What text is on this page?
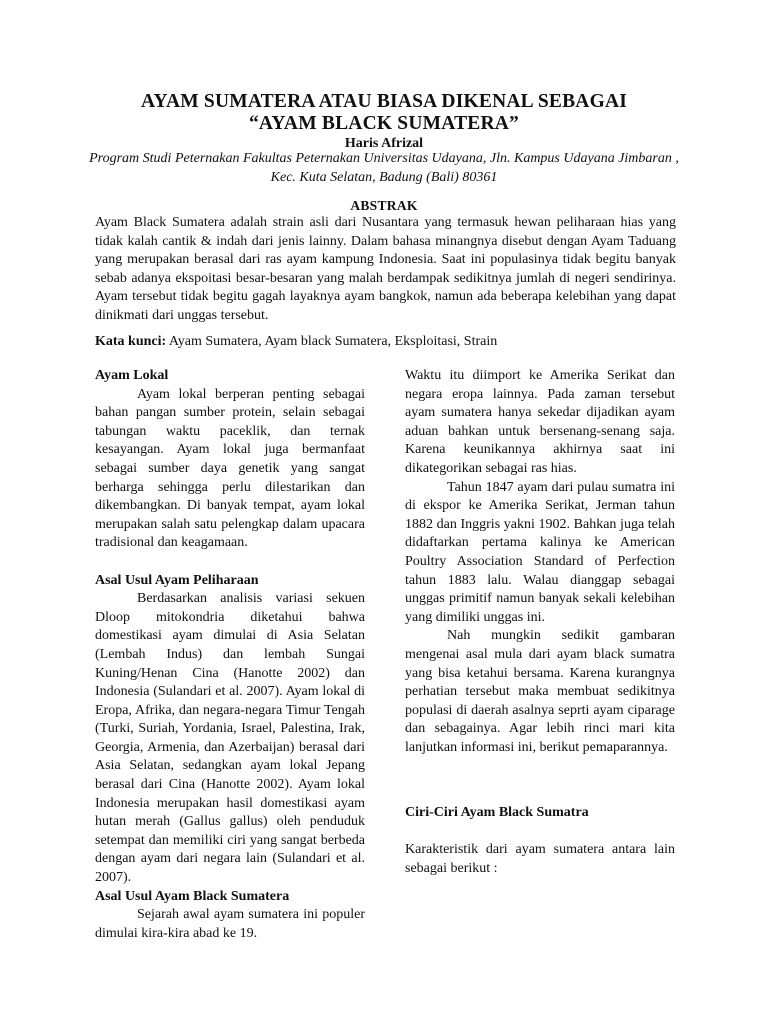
AYAM SUMATERA ATAU BIASA DIKENAL SEBAGAI
“AYAM BLACK SUMATERA”
Haris Afrizal
Program Studi Peternakan Fakultas Peternakan Universitas Udayana, Jln. Kampus Udayana Jimbaran , Kec. Kuta Selatan, Badung (Bali) 80361
ABSTRAK
Ayam Black Sumatera adalah strain asli dari Nusantara yang termasuk hewan peliharaan hias yang tidak kalah cantik & indah dari jenis lainny. Dalam bahasa minangnya disebut dengan Ayam Taduang yang merupakan berasal dari ras ayam kampung Indonesia. Saat ini populasinya tidak begitu banyak sebab adanya ekspoitasi besar-besaran yang malah berdampak sedikitnya jumlah di negeri sendirinya. Ayam tersebut tidak begitu gagah layaknya ayam bangkok, namun ada beberapa kelebihan yang dapat dinikmati dari unggas tersebut.
Kata kunci: Ayam Sumatera, Ayam black Sumatera, Eksploitasi, Strain
Ayam Lokal

Ayam lokal berperan penting sebagai bahan pangan sumber protein, selain sebagai tabungan waktu paceklik, dan ternak kesayangan. Ayam lokal juga bermanfaat sebagai sumber daya genetik yang sangat berharga sehingga perlu dilestarikan dan dikembangkan. Di banyak tempat, ayam lokal merupakan salah satu pelengkap dalam upacara tradisional dan keagamaan.

Asal Usul Ayam Peliharaan

Berdasarkan analisis variasi sekuen Dloop mitokondria diketahui bahwa domestikasi ayam dimulai di Asia Selatan (Lembah Indus) dan lembah Sungai Kuning/Henan Cina (Hanotte 2002) dan Indonesia (Sulandari et al. 2007). Ayam lokal di Eropa, Afrika, dan negara-negara Timur Tengah (Turki, Suriah, Yordania, Israel, Palestina, Irak, Georgia, Armenia, dan Azerbaijan) berasal dari Asia Selatan, sedangkan ayam lokal Jepang berasal dari Cina (Hanotte 2002). Ayam lokal Indonesia merupakan hasil domestikasi ayam hutan merah (Gallus gallus) oleh penduduk setempat dan memiliki ciri yang sangat berbeda dengan ayam dari negara lain (Sulandari et al. 2007).

Asal Usul Ayam Black Sumatera

Sejarah awal ayam sumatera ini populer dimulai kira-kira abad ke 19.

Waktu itu diimport ke Amerika Serikat dan negara eropa lainnya. Pada zaman tersebut ayam sumatera hanya sekedar dijadikan ayam aduan bahkan untuk bersenang-senang saja. Karena keunikannya akhirnya saat ini dikategorikan sebagai ras hias.

Tahun 1847 ayam dari pulau sumatra ini di ekspor ke Amerika Serikat, Jerman tahun 1882 dan Inggris yakni 1902. Bahkan juga telah didaftarkan pertama kalinya ke American Poultry Association Standard of Perfection tahun 1883 lalu. Walau dianggap sebagai unggas primitif namun banyak sekali kelebihan yang dimiliki unggas ini.

Nah mungkin sedikit gambaran mengenai asal mula dari ayam black sumatra yang bisa ketahui bersama. Karena kurangnya perhatian tersebut maka membuat sedikitnya populasi di daerah asalnya seprti ayam ciparage dan sebagainya. Agar lebih rinci mari kita lanjutkan informasi ini, berikut pemaparannya.

Ciri-Ciri Ayam Black Sumatra

Karakteristik dari ayam sumatera antara lain sebagai berikut :
